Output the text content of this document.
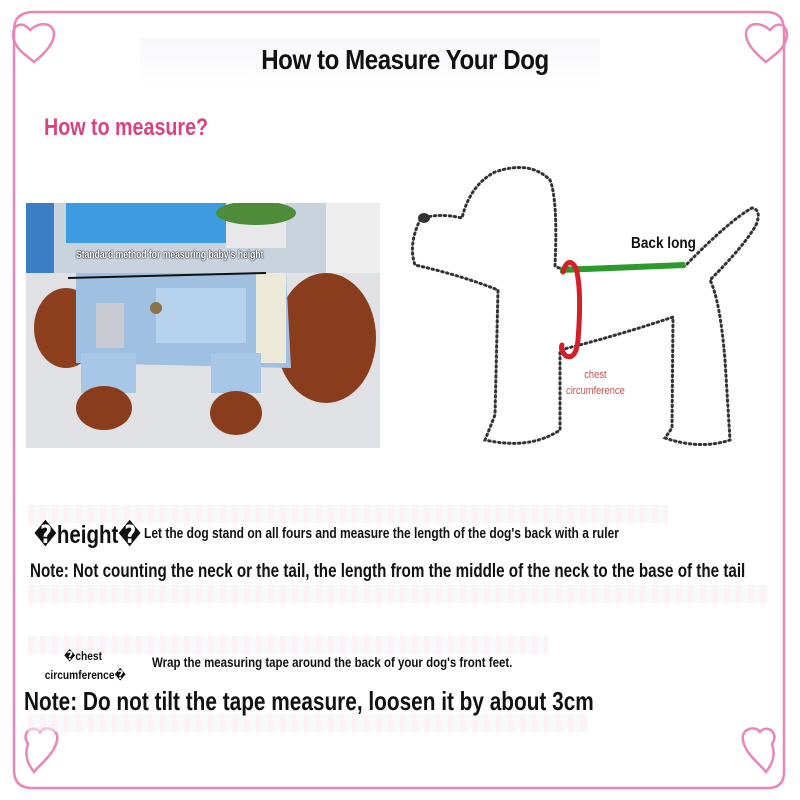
How to Measure Your Dog
How to measure?
Standard method for measuring baby's height
Back long
chest
circumference
�height� Let the dog stand on all fours and measure the length of the dog's back with a ruler
Note: Not counting the neck or the tail, the length from the middle of the neck to the base of the tail
�chest
circumference�
Wrap the measuring tape around the back of your dog's front feet.
Note: Do not tilt the tape measure, loosen it by about 3cm
